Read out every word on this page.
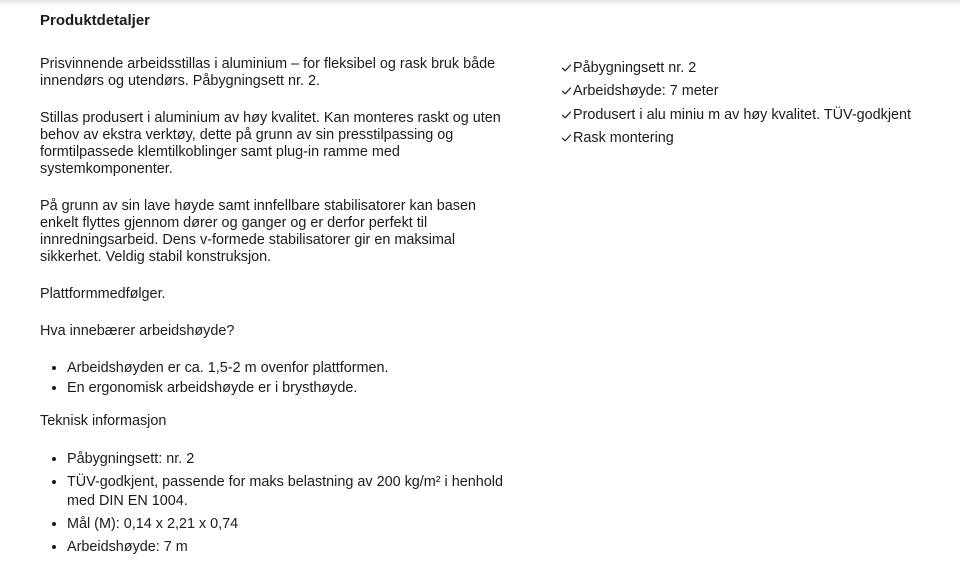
Produktdetaljer

Prisvinnende arbeidsstillas i aluminium – for fleksibel og rask bruk både innendørs og utendørs. Påbygningsett nr. 2.

Stillas produsert i aluminium av høy kvalitet. Kan monteres raskt og uten behov av ekstra verktøy, dette på grunn av sin presstilpassing og formtilpassede klemtilkoblinger samt plug-in ramme med systemkomponenter.

På grunn av sin lave høyde samt innfellbare stabilisatorer kan basen enkelt flyttes gjennom dører og ganger og er derfor perfekt til innredningsarbeid. Dens v-formede stabilisatorer gir en maksimal sikkerhet. Veldig stabil konstruksjon.

Plattformmedfølger.

Hva innebærer arbeidshøyde?

• Arbeidshøyden er ca. 1,5-2 m ovenfor plattformen.
• En ergonomisk arbeidshøyde er i brysthøyde.

Teknisk informasjon

• Påbygningsett: nr. 2
• TÜV-godkjent, passende for maks belastning av 200 kg/m² i henhold med DIN EN 1004.
• Mål (M): 0,14 x 2,21 x 0,74
• Arbeidshøyde: 7 m
Påbygningsett nr. 2
Arbeidshøyde: 7 meter
Produsert i alu miniu m av høy kvalitet. TÜV-godkjent
Rask montering
